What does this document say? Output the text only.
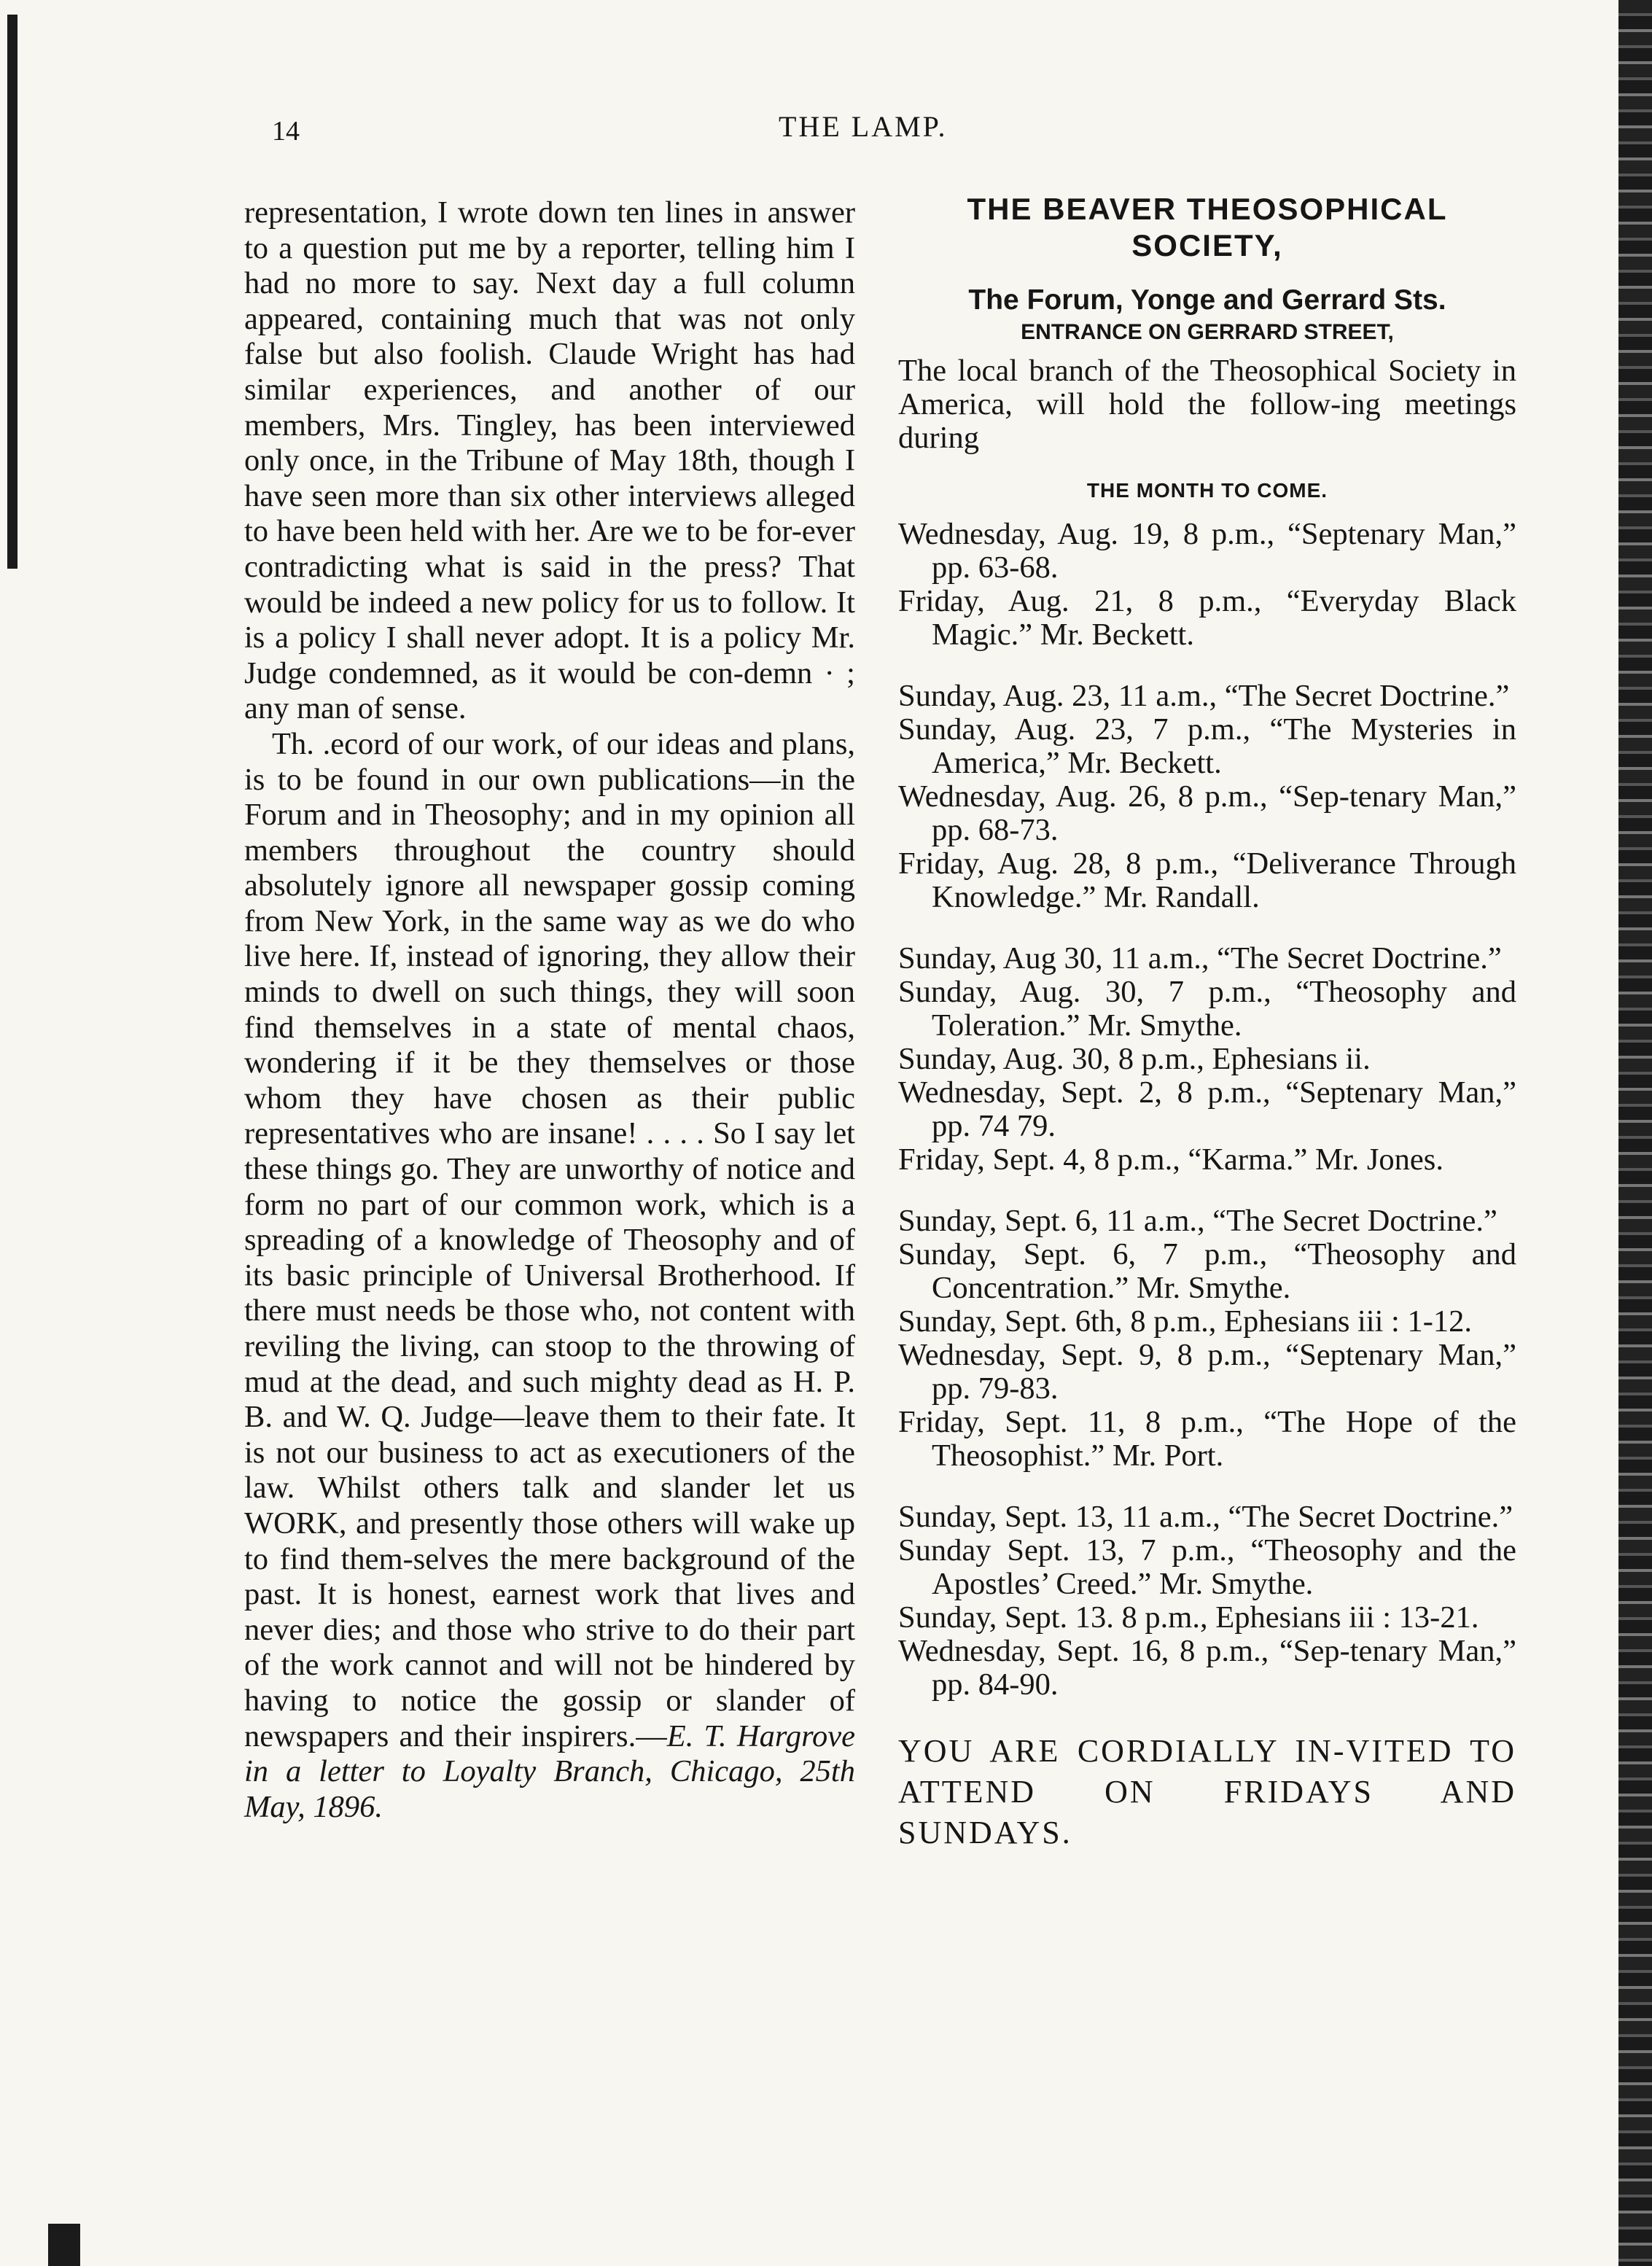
14	THE LAMP.

representation, I wrote down ten lines in answer to a question put me by a reporter, telling him I had no more to say. Next day a full column appeared, containing much that was not only false but also foolish. Claude Wright has had similar experiences, and another of our members, Mrs. Tingley, has been interviewed only once, in the Tribune of May 18th, though I have seen more than six other interviews alleged to have been held with her. Are we to be for-ever contradicting what is said in the press? That would be indeed a new policy for us to follow. It is a policy I shall never adopt. It is a policy Mr. Judge condemned, as it would be con-demn · ; any man of sense.

Th. .ecord of our work, of our ideas and plans, is to be found in our own publications—in the Forum and in Theosophy; and in my opinion all members throughout the country should absolutely ignore all newspaper gossip coming from New York, in the same way as we do who live here. If, instead of ignoring, they allow their minds to dwell on such things, they will soon find themselves in a state of mental chaos, wondering if it be they themselves or those whom they have chosen as their public representatives who are insane! . . . . So I say let these things go. They are unworthy of notice and form no part of our common work, which is a spreading of a knowledge of Theosophy and of its basic principle of Universal Brotherhood. If there must needs be those who, not content with reviling the living, can stoop to the throwing of mud at the dead, and such mighty dead as H. P. B. and W. Q. Judge—leave them to their fate. It is not our business to act as executioners of the law. Whilst others talk and slander let us WORK, and presently those others will wake up to find them-selves the mere background of the past. It is honest, earnest work that lives and never dies; and those who strive to do their part of the work cannot and will not be hindered by having to notice the gossip or slander of newspapers and their inspirers.—E. T. Hargrove in a letter to Loyalty Branch, Chicago, 25th May, 1896.

THE BEAVER THEOSOPHICAL

SOCIETY,

The Forum, Yonge and Gerrard Sts.

ENTRANCE ON GERRARD STREET,

The local branch of the Theosophical Society in America, will hold the follow-ing meetings during

THE MONTH TO COME.

Wednesday, Aug. 19, 8 p.m., “Septenary Man,” pp. 63-68.

Friday, Aug. 21, 8 p.m., “Everyday Black Magic.” Mr. Beckett.

Sunday, Aug. 23, 11 a.m., “The Secret Doctrine.”

Sunday, Aug. 23, 7 p.m., “The Mysteries in America,” Mr. Beckett.

Wednesday, Aug. 26, 8 p.m., “Sep-tenary Man,” pp. 68-73.

Friday, Aug. 28, 8 p.m., “Deliverance Through Knowledge.” Mr. Randall.

Sunday, Aug 30, 11 a.m., “The Secret Doctrine.”

Sunday, Aug. 30, 7 p.m., “Theosophy and Toleration.” Mr. Smythe.

Sunday, Aug. 30, 8 p.m., Ephesians ii.

Wednesday, Sept. 2, 8 p.m., “Septenary Man,” pp. 74 79.

Friday, Sept. 4, 8 p.m., “Karma.” Mr. Jones.

Sunday, Sept. 6, 11 a.m., “The Secret Doctrine.”

Sunday, Sept. 6, 7 p.m., “Theosophy and Concentration.” Mr. Smythe.

Sunday, Sept. 6th, 8 p.m., Ephesians iii : 1-12.

Wednesday, Sept. 9, 8 p.m., “Septenary Man,” pp. 79-83.

Friday, Sept. 11, 8 p.m., “The Hope of the Theosophist.” Mr. Port.

Sunday, Sept. 13, 11 a.m., “The Secret Doctrine.”

Sunday Sept. 13, 7 p.m., “Theosophy and the Apostles’ Creed.” Mr. Smythe.

Sunday, Sept. 13. 8 p.m., Ephesians iii : 13-21.

Wednesday, Sept. 16, 8 p.m., “Sep-tenary Man,” pp. 84-90.

YOU ARE CORDIALLY IN-VITED TO ATTEND ON FRIDAYS AND SUNDAYS.
